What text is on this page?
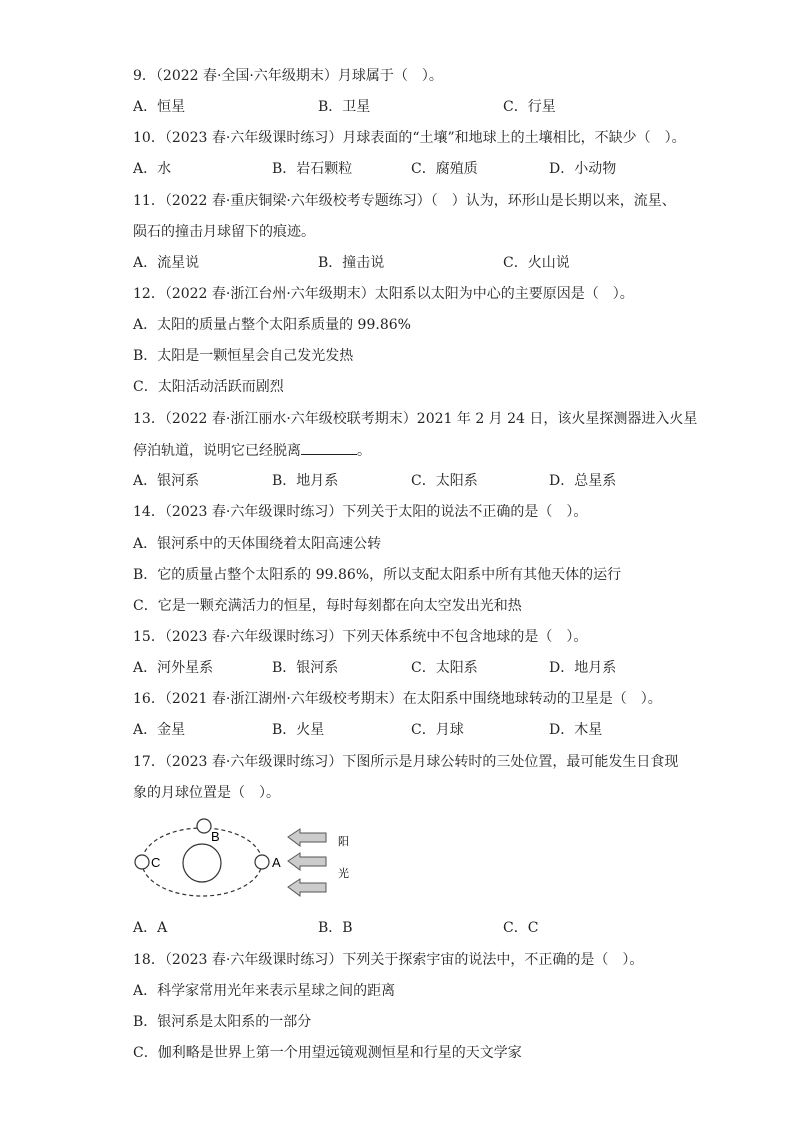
9．（2022 春·全国·六年级期末）月球属于（　）。
A．恒星	B．卫星	C．行星
10．（2023 春·六年级课时练习）月球表面的“土壤”和地球上的土壤相比，不缺少（　）。
A．水	B．岩石颗粒	C．腐殖质	D．小动物
11．（2022 春·重庆铜梁·六年级校考专题练习）（　）认为，环形山是长期以来，流星、
陨石的撞击月球留下的痕迹。
A．流星说	B．撞击说	C．火山说
12．（2022 春·浙江台州·六年级期末）太阳系以太阳为中心的主要原因是（　）。
A．太阳的质量占整个太阳系质量的 99.86%
B．太阳是一颗恒星会自己发光发热
C．太阳活动活跃而剧烈
13．（2022 春·浙江丽水·六年级校联考期末）2021 年 2 月 24 日，该火星探测器进入火星
停泊轨道，说明它已经脱离	。
A．银河系	B．地月系	C．太阳系	D．总星系
14．（2023 春·六年级课时练习）下列关于太阳的说法不正确的是（　）。
A．银河系中的天体围绕着太阳高速公转
B．它的质量占整个太阳系的 99.86%，所以支配太阳系中所有其他天体的运行
C．它是一颗充满活力的恒星，每时每刻都在向太空发出光和热
15．（2023 春·六年级课时练习）下列天体系统中不包含地球的是（　）。
A．河外星系	B．银河系	C．太阳系	D．地月系
16．（2021 春·浙江湖州·六年级校考期末）在太阳系中围绕地球转动的卫星是（　）。
A．金星	B．火星	C．月球	D．木星
17．（2023 春·六年级课时练习）下图所示是月球公转时的三处位置，最可能发生日食现
象的月球位置是（　）。
B
C	A
阳
光
A．A	B．B	C．C
18．（2023 春·六年级课时练习）下列关于探索宇宙的说法中，不正确的是（　）。
A．科学家常用光年来表示星球之间的距离
B．银河系是太阳系的一部分
C．伽利略是世界上第一个用望远镜观测恒星和行星的天文学家
